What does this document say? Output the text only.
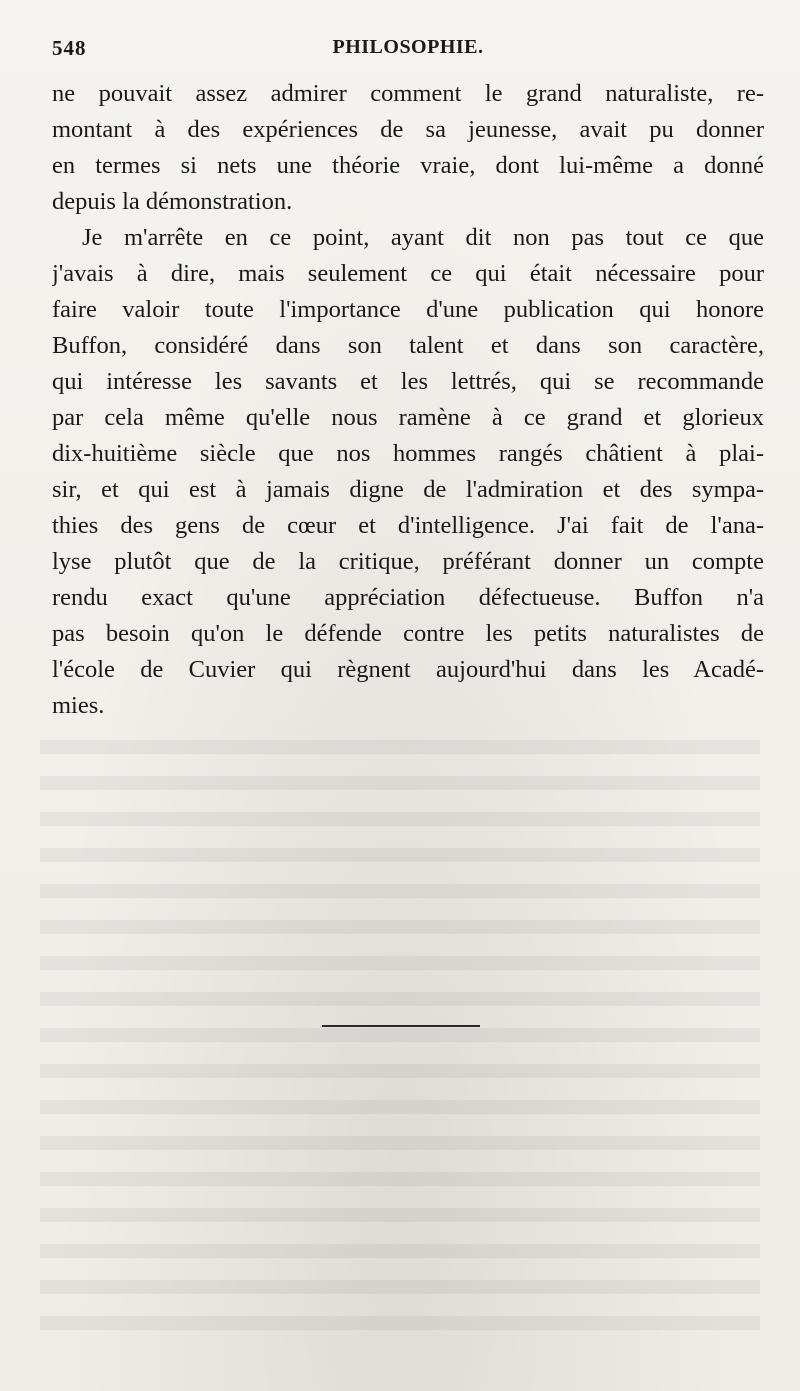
548	PHILOSOPHIE.
ne pouvait assez admirer comment le grand naturaliste, re-
montant à des expériences de sa jeunesse, avait pu donner
en termes si nets une théorie vraie, dont lui-même a donné
depuis la démonstration.
Je m'arrête en ce point, ayant dit non pas tout ce que
j'avais à dire, mais seulement ce qui était nécessaire pour
faire valoir toute l'importance d'une publication qui honore
Buffon, considéré dans son talent et dans son caractère,
qui intéresse les savants et les lettrés, qui se recommande
par cela même qu'elle nous ramène à ce grand et glorieux
dix-huitième siècle que nos hommes rangés châtient à plai-
sir, et qui est à jamais digne de l'admiration et des sympa-
thies des gens de cœur et d'intelligence. J'ai fait de l'ana-
lyse plutôt que de la critique, préférant donner un compte
rendu exact qu'une appréciation défectueuse. Buffon n'a
pas besoin qu'on le défende contre les petits naturalistes de
l'école de Cuvier qui règnent aujourd'hui dans les Acadé-
mies.
